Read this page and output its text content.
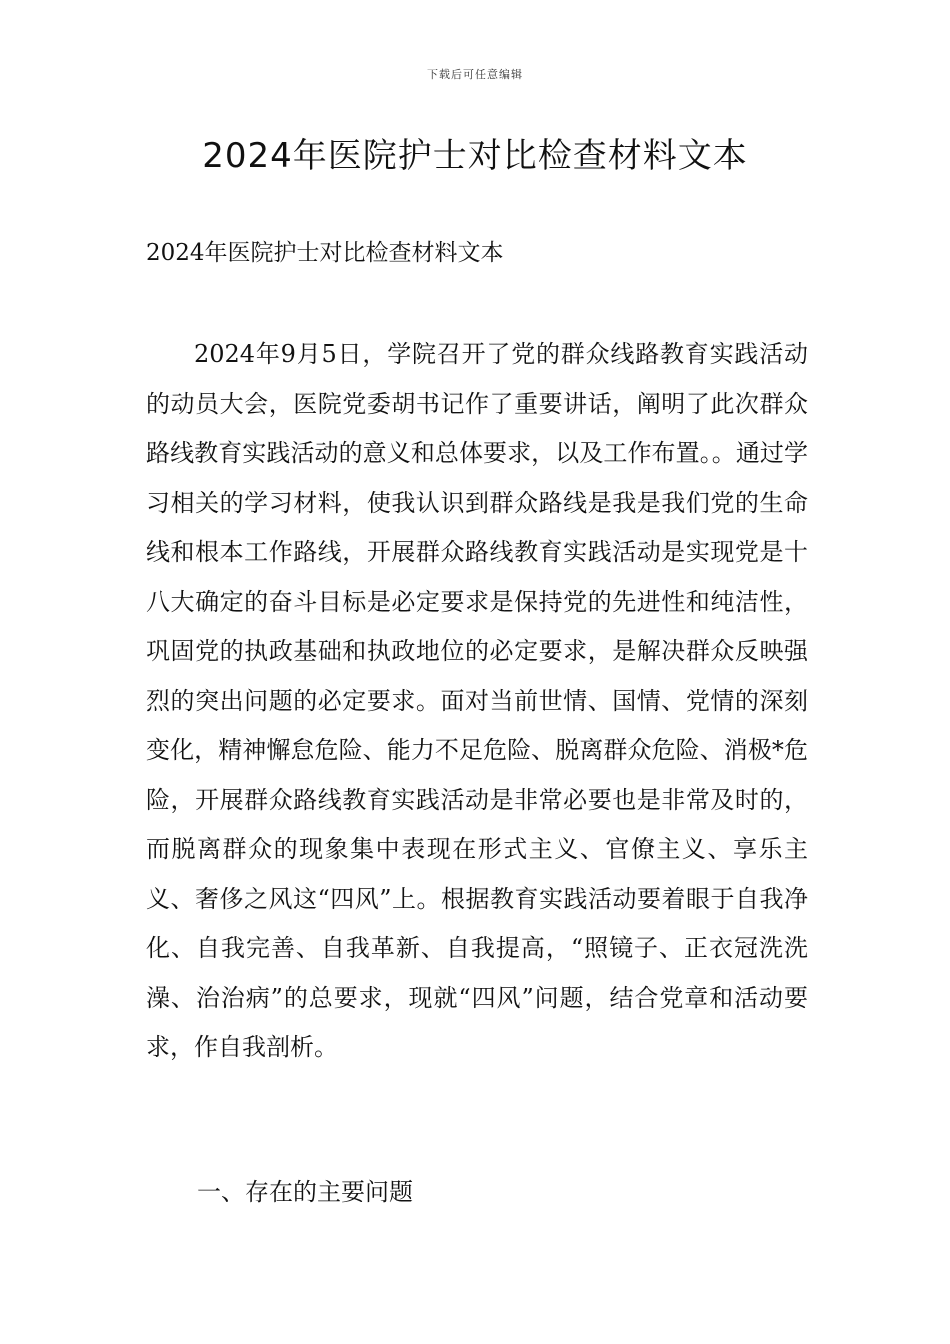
下载后可任意编辑
2024年医院护士对比检查材料文本

2024年医院护士对比检查材料文本

2024年9月5日，学院召开了党的群众线路教育实践活动的动员大会，医院党委胡书记作了重要讲话，阐明了此次群众路线教育实践活动的意义和总体要求，以及工作布置。。通过学习相关的学习材料，使我认识到群众路线是我是我们党的生命线和根本工作路线，开展群众路线教育实践活动是实现党是十八大确定的奋斗目标是必定要求是保持党的先进性和纯洁性，巩固党的执政基础和执政地位的必定要求，是解决群众反映强烈的突出问题的必定要求。面对当前世情、国情、党情的深刻变化，精神懈怠危险、能力不足危险、脱离群众危险、消极*危险，开展群众路线教育实践活动是非常必要也是非常及时的，而脱离群众的现象集中表现在形式主义、官僚主义、享乐主义、奢侈之风这“四风”上。根据教育实践活动要着眼于自我净化、自我完善、自我革新、自我提高，“照镜子、正衣冠洗洗澡、治治病”的总要求，现就“四风”问题，结合党章和活动要求，作自我剖析。

一、存在的主要问题
